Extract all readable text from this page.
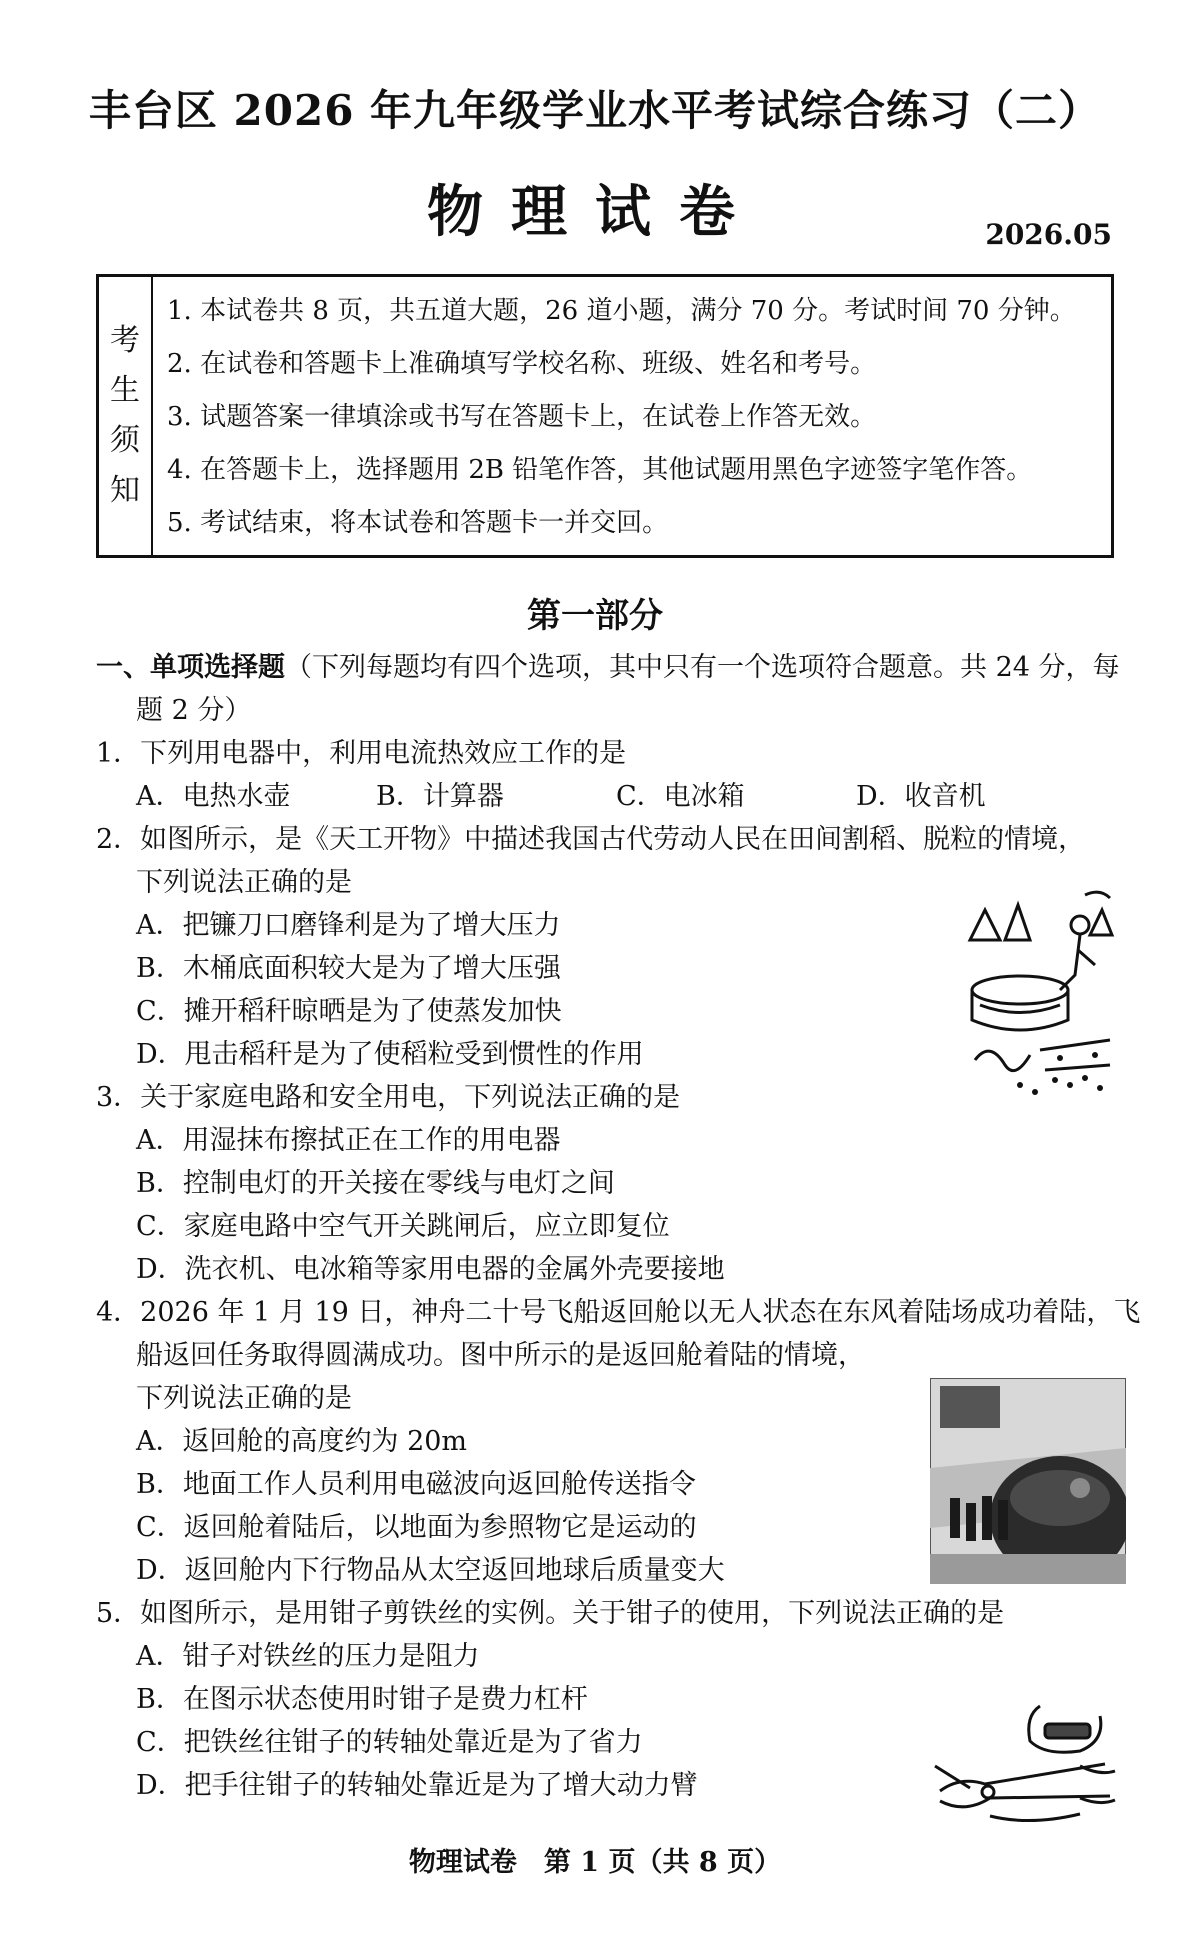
丰台区 2026 年九年级学业水平考试综合练习（二）
物理试卷	2026.05
考
生
须
知
1. 本试卷共 8 页，共五道大题，26 道小题，满分 70 分。考试时间 70 分钟。
2. 在试卷和答题卡上准确填写学校名称、班级、姓名和考号。
3. 试题答案一律填涂或书写在答题卡上，在试卷上作答无效。
4. 在答题卡上，选择题用 2B 铅笔作答，其他试题用黑色字迹签字笔作答。
5. 考试结束，将本试卷和答题卡一并交回。
第一部分
一、单项选择题（下列每题均有四个选项，其中只有一个选项符合题意。共 24 分，每
题 2 分）
1．下列用电器中，利用电流热效应工作的是
A．电热水壶	B．计算器	C．电冰箱	D．收音机
2．如图所示，是《天工开物》中描述我国古代劳动人民在田间割稻、脱粒的情境，
下列说法正确的是
A．把镰刀口磨锋利是为了增大压力
B．木桶底面积较大是为了增大压强
C．摊开稻秆晾晒是为了使蒸发加快
D．甩击稻秆是为了使稻粒受到惯性的作用
3．关于家庭电路和安全用电，下列说法正确的是
A．用湿抹布擦拭正在工作的用电器
B．控制电灯的开关接在零线与电灯之间
C．家庭电路中空气开关跳闸后，应立即复位
D．洗衣机、电冰箱等家用电器的金属外壳要接地
4．2026 年 1 月 19 日，神舟二十号飞船返回舱以无人状态在东风着陆场成功着陆，飞
船返回任务取得圆满成功。图中所示的是返回舱着陆的情境，
下列说法正确的是
A．返回舱的高度约为 20m
B．地面工作人员利用电磁波向返回舱传送指令
C．返回舱着陆后，以地面为参照物它是运动的
D．返回舱内下行物品从太空返回地球后质量变大
5．如图所示，是用钳子剪铁丝的实例。关于钳子的使用，下列说法正确的是
A．钳子对铁丝的压力是阻力
B．在图示状态使用时钳子是费力杠杆
C．把铁丝往钳子的转轴处靠近是为了省力
D．把手往钳子的转轴处靠近是为了增大动力臂
物理试卷　第 1 页（共 8 页）
